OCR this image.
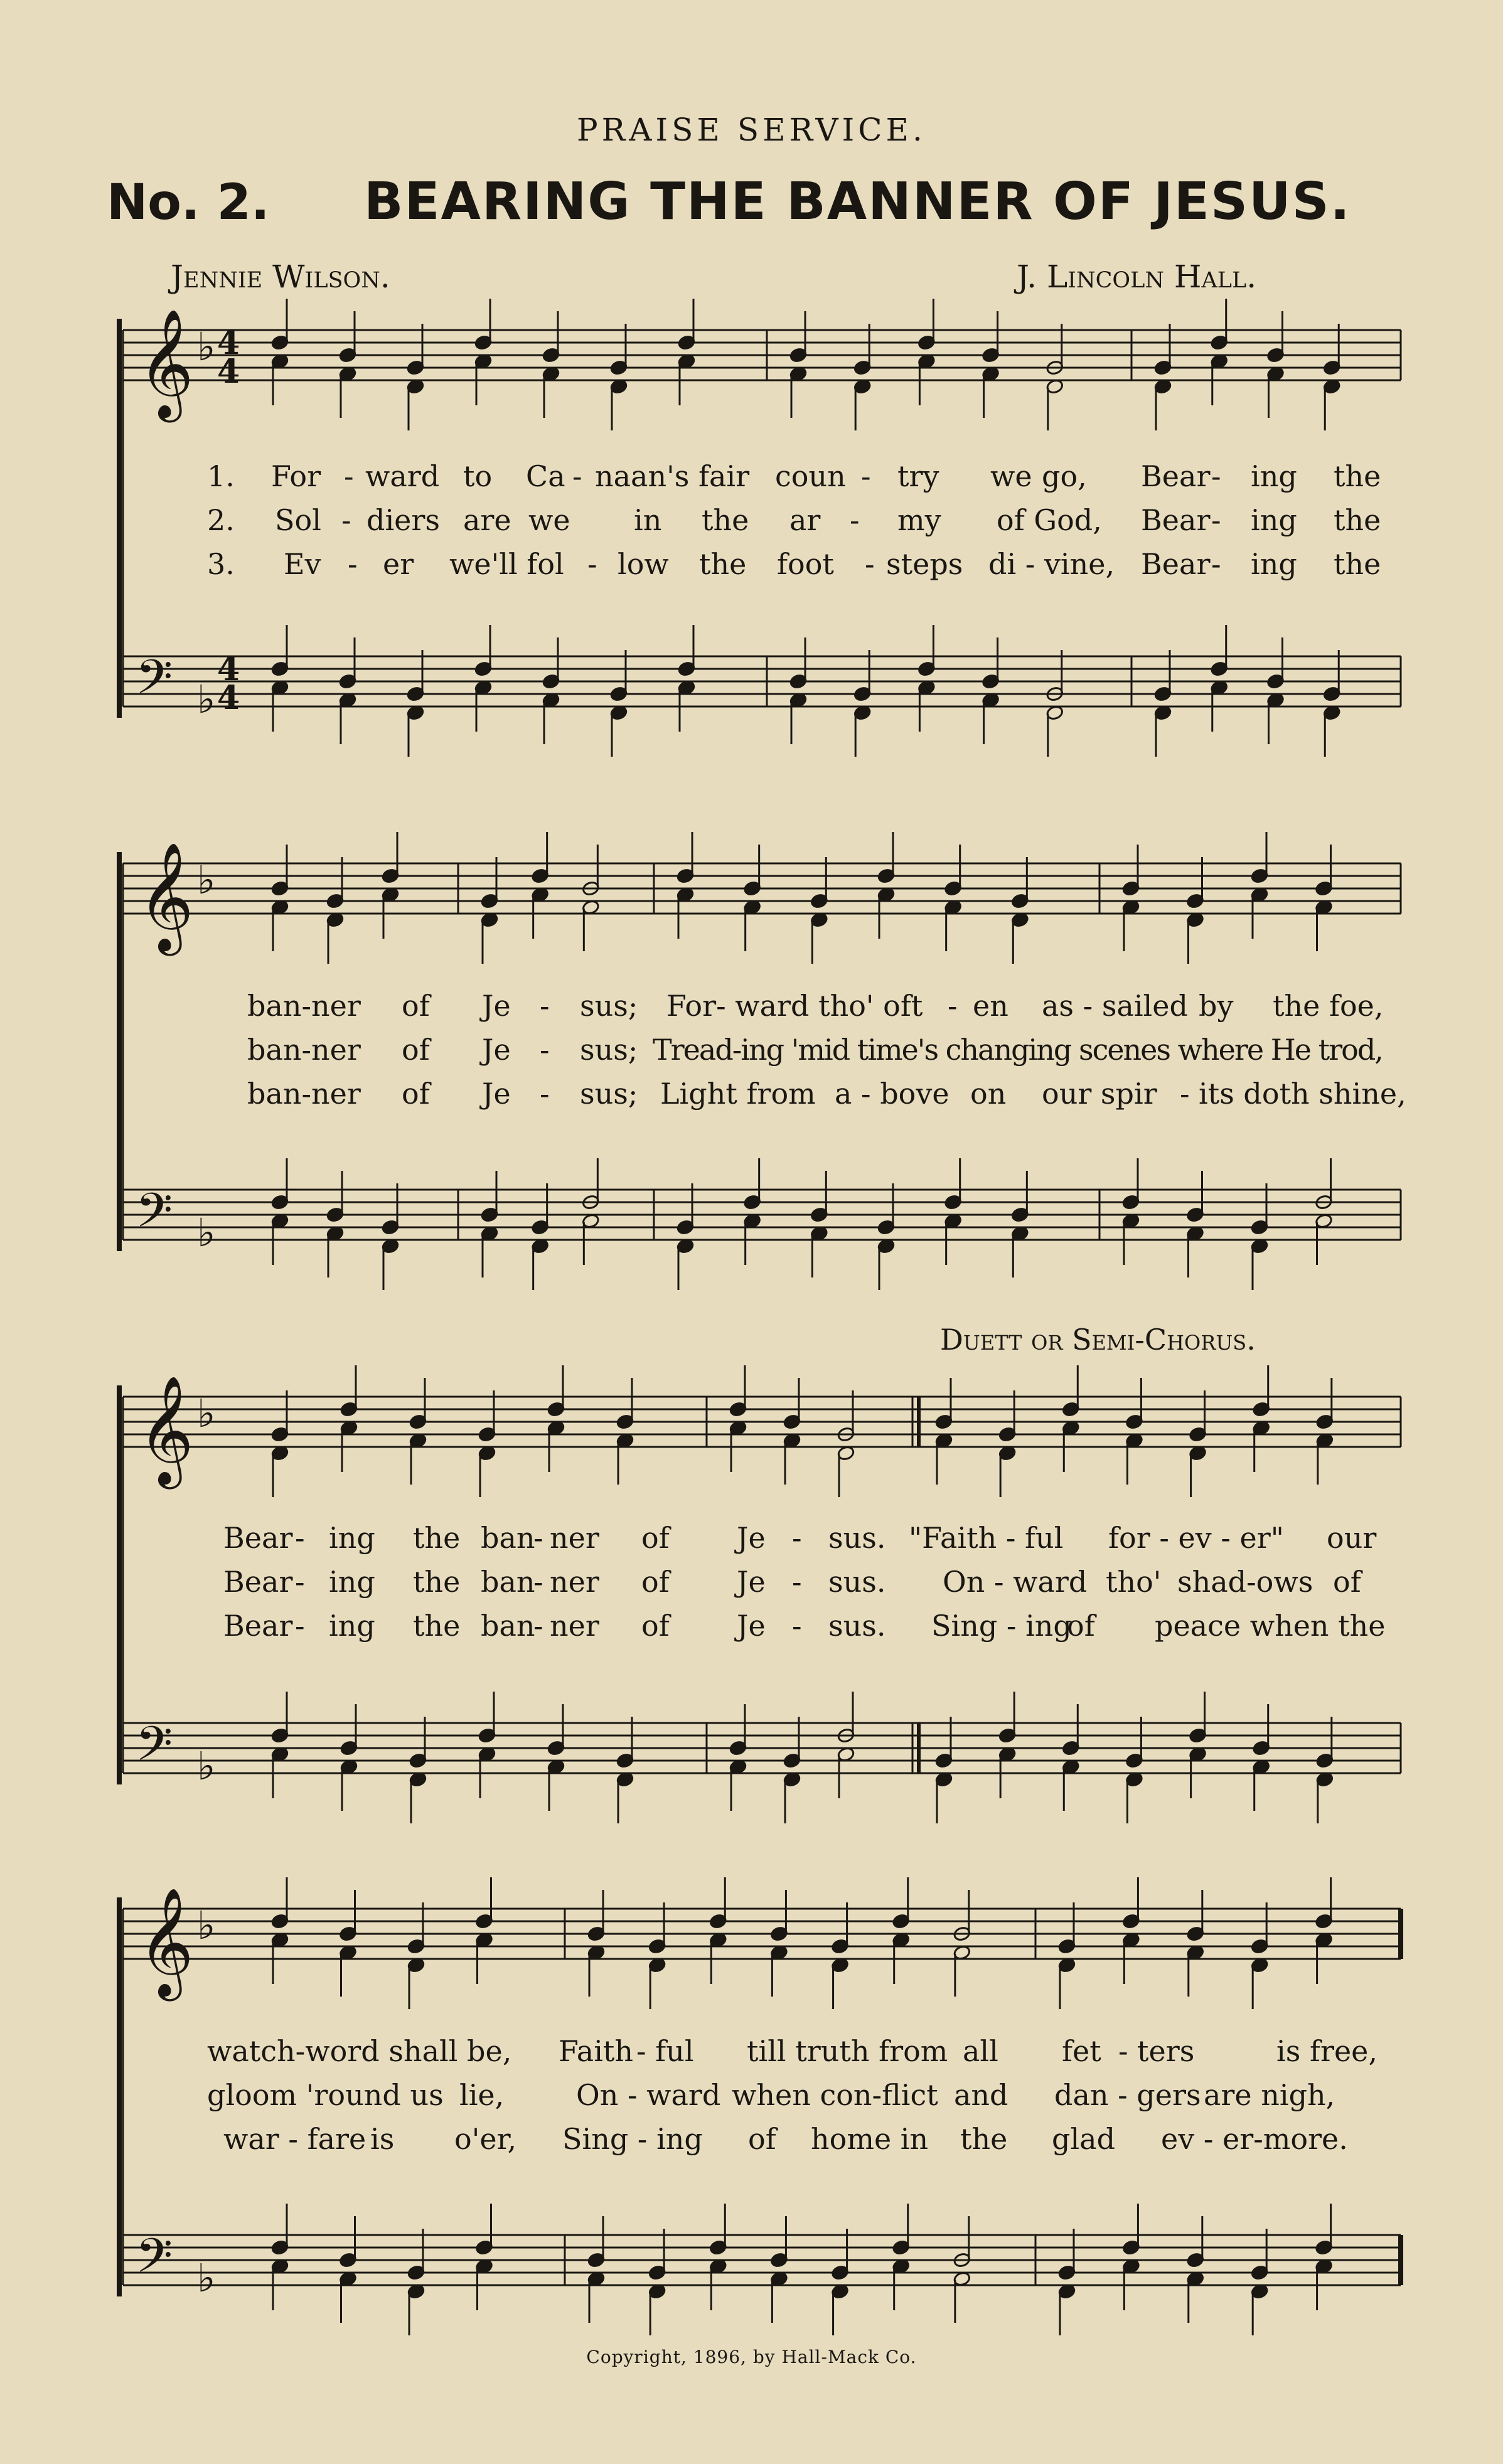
PRAISE SERVICE.
No. 2. BEARING THE BANNER OF JESUS.
Jennie Wilson.	J. Lincoln Hall.
Duett or Semi-Chorus.
𝄞
𝄢
♭
♭
4
4
4
4
𝄞
𝄢
♭
♭
𝄞
𝄢
♭
♭
𝄞
𝄢
♭
♭
1. For - ward to Ca - naan's fair coun - try we go, Bear - ing the
2. Sol - diers are we in the ar - my of God, Bear - ing the
3. Ev - er we'll fol - low the foot - steps di - vine, Bear - ing the
ban-ner of Je - sus; For- ward tho' oft - en as - sailed by the foe,
ban-ner of Je - sus; Tread-ing 'mid time's changing scenes where He trod,
ban-ner of Je - sus; Light from a - bove on our spir - its doth shine,
Bear - ing the ban
- ner of Je - sus. "Faith - ful for - ev - er" our
Bear - ing the ban
- ner of Je - sus. On - ward tho' shad-ows of
Bear - ing the ban
- ner of Je - sus. Sing - ing
of peace when the
watch-word shall be, Faith - ful till truth from all fet - ters	is free,
gloom 'round us lie, On - ward when con-flict and dan - gers are nigh,
war - fare is o'er, Sing - ing of home in the glad ev - er-more.
Copyright, 1896, by Hall-Mack Co.
